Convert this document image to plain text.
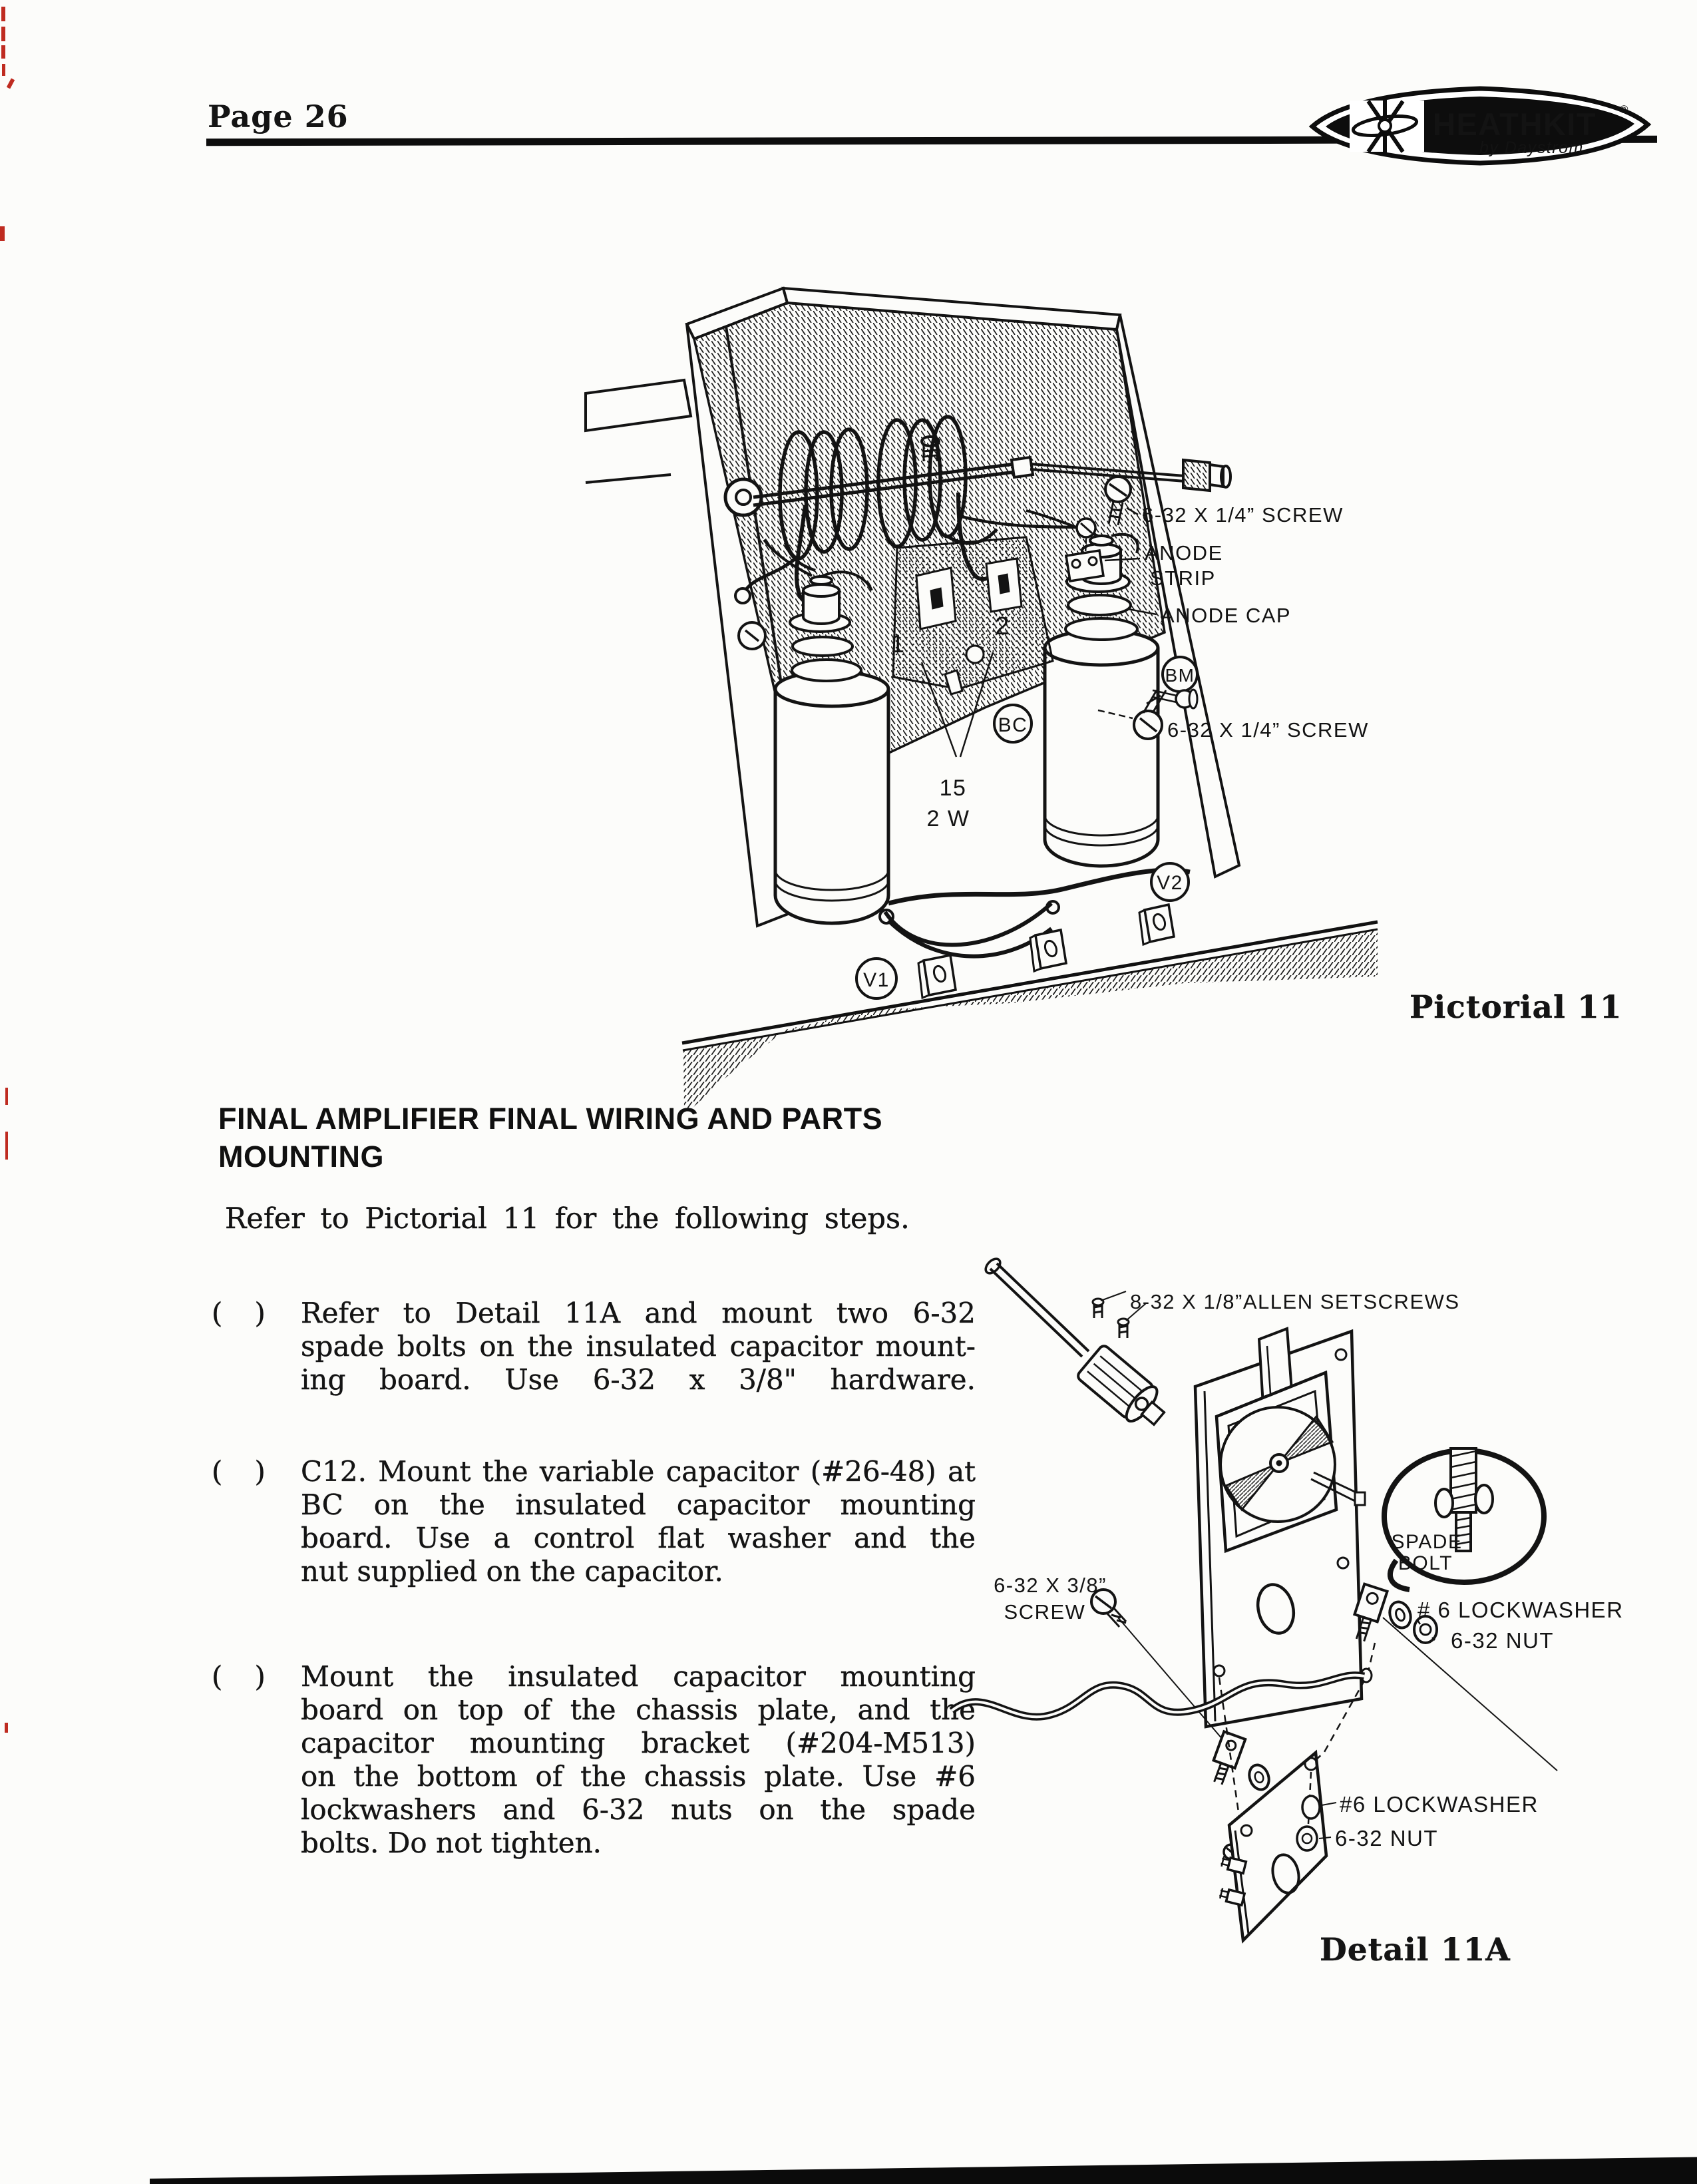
Page 26	HEATHKIT ®
by Daystrom
1
2
BC
BM
V1
V2
15
2 W
6-32 X 1/4” SCREW
ANODE
STRIP
ANODE CAP
6-32 X 1/4” SCREW
Pictorial 11
FINAL AMPLIFIER FINAL WIRING AND PARTS
MOUNTING
Refer to Pictorial 11 for the following steps.
(   )	Refer to Detail 11A and mount two 6-32
spade bolts on the insulated capacitor mount-
ing board. Use 6-32 x 3/8" hardware.
(   )	C12. Mount the variable capacitor (#26-48) at
BC on the insulated capacitor mounting
board. Use a control flat washer and the
nut supplied on the capacitor.
(   )	Mount the insulated capacitor mounting
board on top of the chassis plate, and the
capacitor mounting bracket (#204-M513)
on the bottom of the chassis plate. Use #6
lockwashers and 6-32 nuts on the spade
bolts. Do not tighten.
8-32 X 1/8”ALLEN SETSCREWS
SPADE
BOLT
# 6 LOCKWASHER
6-32 NUT
6-32 X 3/8”
SCREW
#6 LOCKWASHER
6-32 NUT
Detail 11A
